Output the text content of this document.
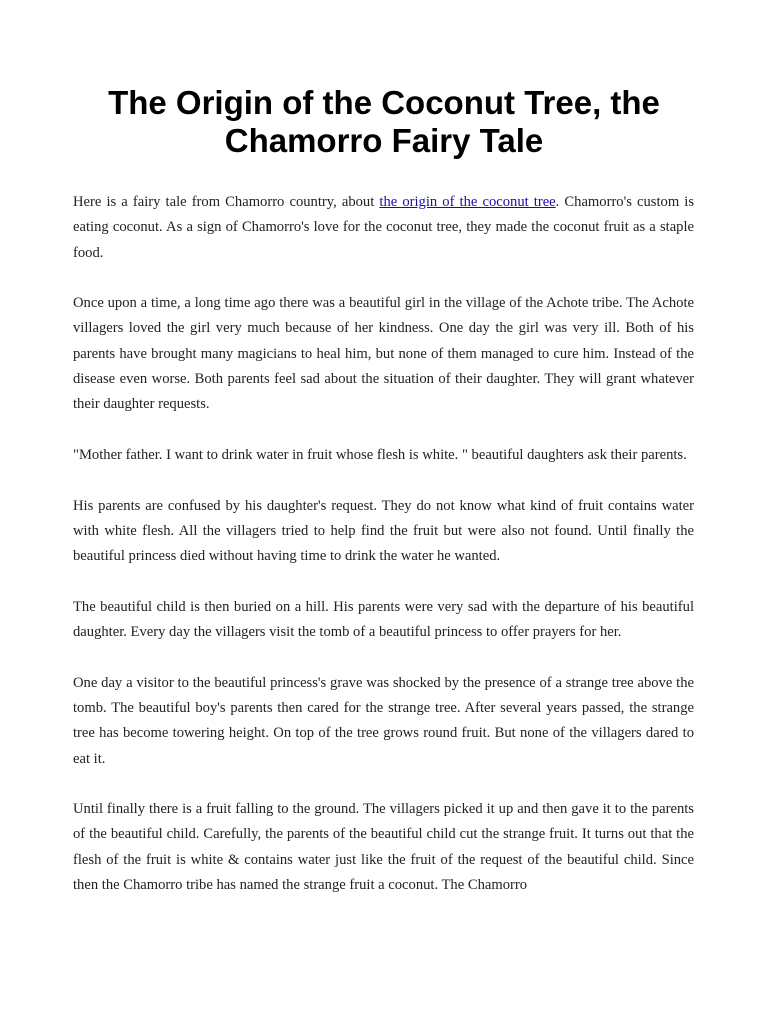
The Origin of the Coconut Tree, the Chamorro Fairy Tale

Here is a fairy tale from Chamorro country, about the origin of the coconut tree. Chamorro's custom is eating coconut. As a sign of Chamorro's love for the coconut tree, they made the coconut fruit as a staple food.

Once upon a time, a long time ago there was a beautiful girl in the village of the Achote tribe. The Achote villagers loved the girl very much because of her kindness. One day the girl was very ill. Both of his parents have brought many magicians to heal him, but none of them managed to cure him. Instead of the disease even worse. Both parents feel sad about the situation of their daughter. They will grant whatever their daughter requests.

"Mother father. I want to drink water in fruit whose flesh is white. " beautiful daughters ask their parents.

His parents are confused by his daughter's request. They do not know what kind of fruit contains water with white flesh. All the villagers tried to help find the fruit but were also not found. Until finally the beautiful princess died without having time to drink the water he wanted.

The beautiful child is then buried on a hill. His parents were very sad with the departure of his beautiful daughter. Every day the villagers visit the tomb of a beautiful princess to offer prayers for her.

One day a visitor to the beautiful princess's grave was shocked by the presence of a strange tree above the tomb. The beautiful boy's parents then cared for the strange tree. After several years passed, the strange tree has become towering height. On top of the tree grows round fruit. But none of the villagers dared to eat it.

Until finally there is a fruit falling to the ground. The villagers picked it up and then gave it to the parents of the beautiful child. Carefully, the parents of the beautiful child cut the strange fruit. It turns out that the flesh of the fruit is white & contains water just like the fruit of the request of the beautiful child. Since then the Chamorro tribe has named the strange fruit a coconut. The Chamorro
